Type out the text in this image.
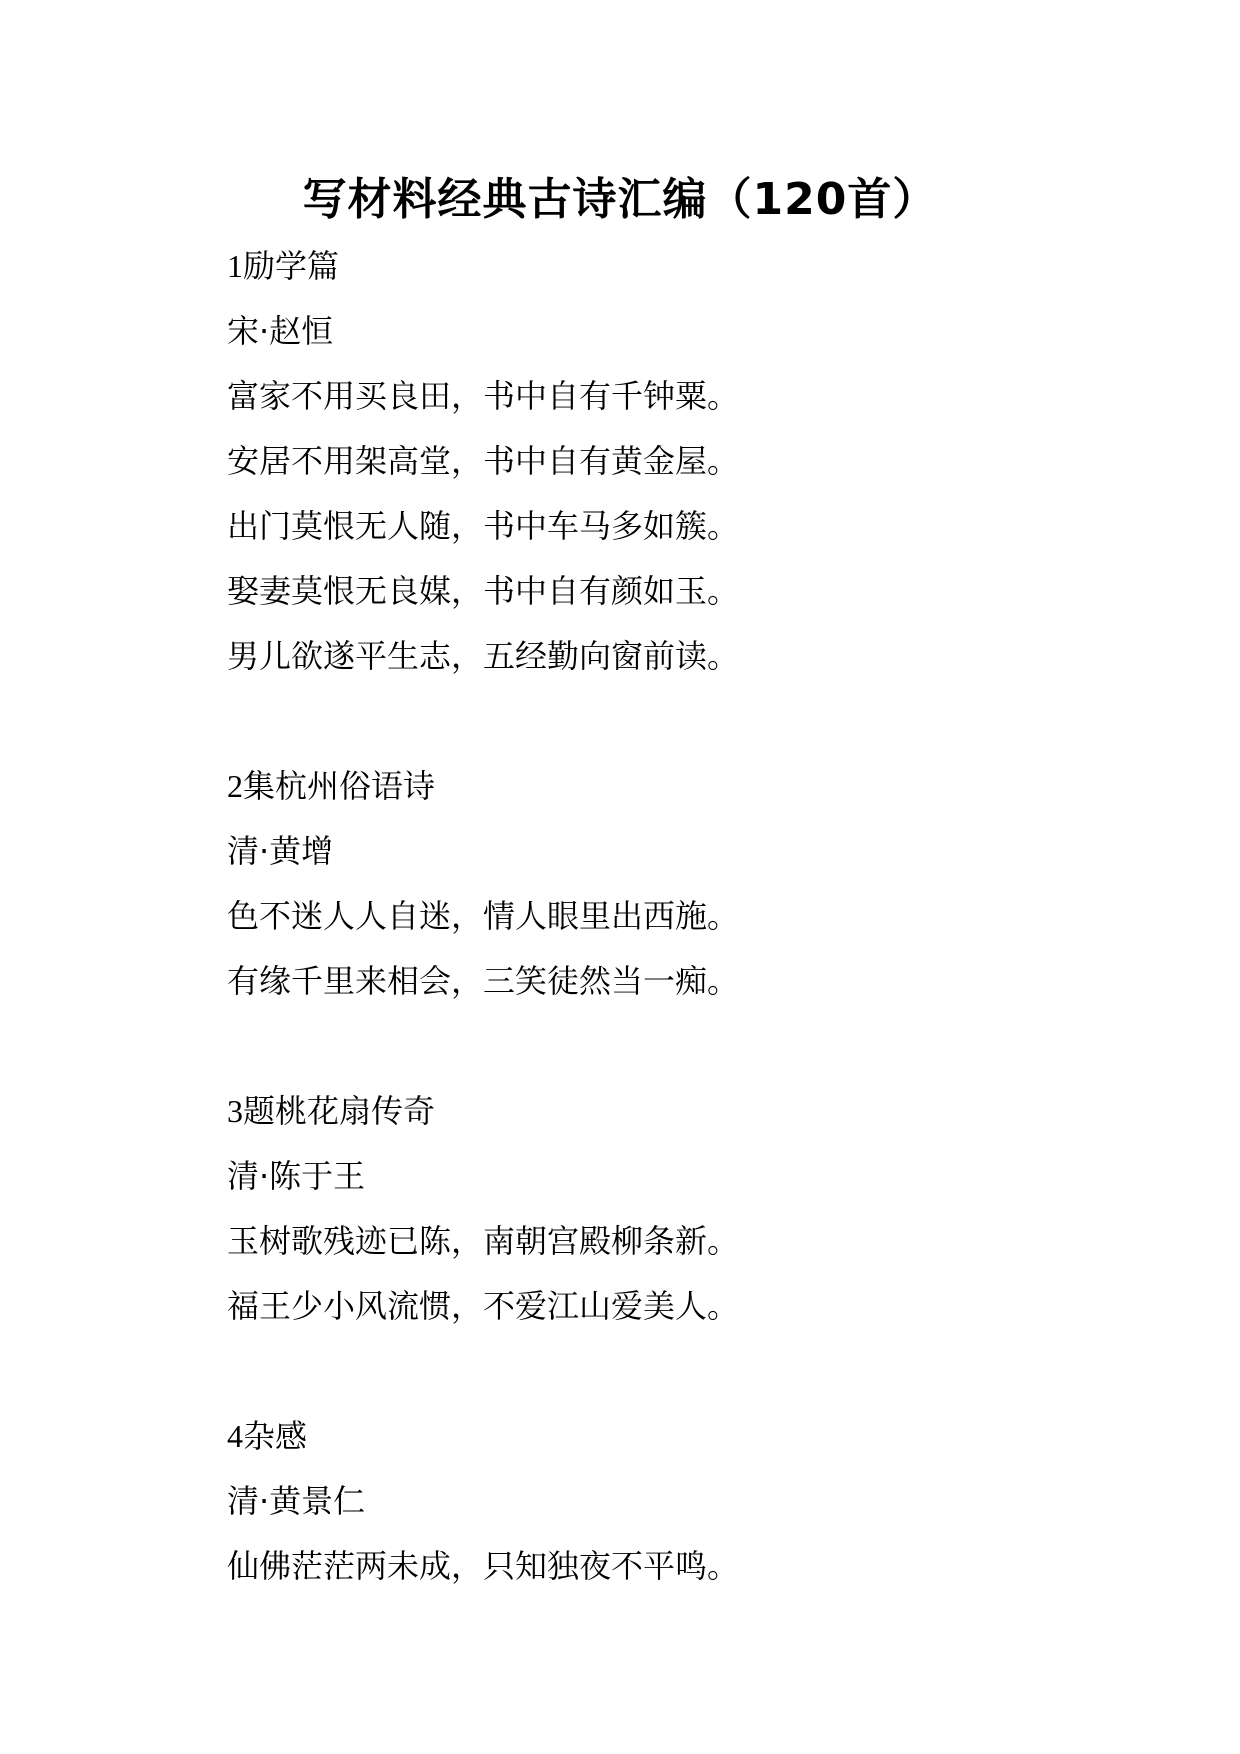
写材料经典古诗汇编（120首）

1励学篇

宋·赵恒

富家不用买良田，书中自有千钟粟。

安居不用架高堂，书中自有黄金屋。

出门莫恨无人随，书中车马多如簇。

娶妻莫恨无良媒，书中自有颜如玉。

男儿欲遂平生志，五经勤向窗前读。

2集杭州俗语诗

清·黄增

色不迷人人自迷，情人眼里出西施。

有缘千里来相会，三笑徒然当一痴。

3题桃花扇传奇

清·陈于王

玉树歌残迹已陈，南朝宫殿柳条新。

福王少小风流惯，不爱江山爱美人。

4杂感

清·黄景仁

仙佛茫茫两未成，只知独夜不平鸣。
